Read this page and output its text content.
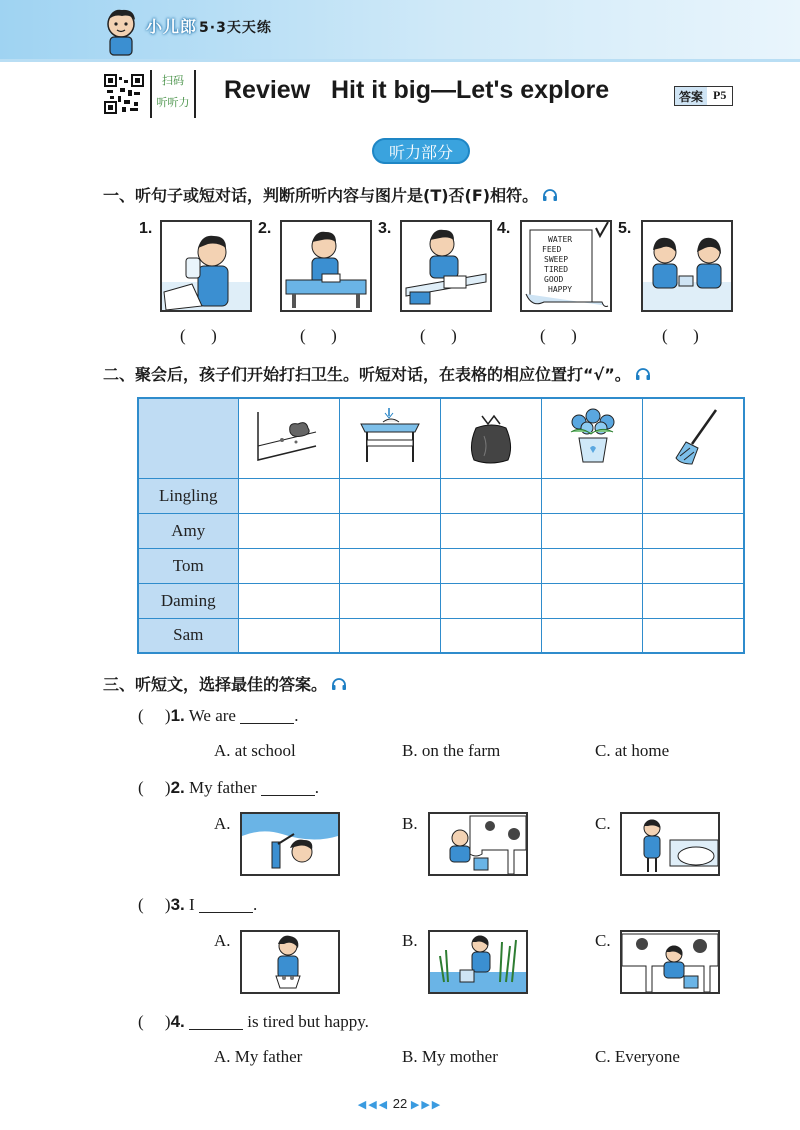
小儿郎 5·3天天练
扫码
听听力 Review   Hit it big—Let's explore	答案 P5
听力部分
一、听句子或短对话，判断所听内容与图片是(T)否(F)相符。
1.	2.	3.	4.
WATER
FEED
SWEEP
TIRED
GOOD
HAPPY
5.
(      )	(      )	(      )	(      )	(      )
二、聚会后，孩子们开始打扫卫生。听短对话，在表格的相应位置打“√”。

Lingling					
Amy					
Tom					
Daming					
Sam					
三、听短文，选择最佳的答案。
(     )1. We are	.
A. at school	B. on the farm	C. at home
(     )2. My father	.
A.	B.	C.
(     )3. I	.
A.	B.	C.
(     )4.	is tired but happy.
A. My father	B. My mother	C. Everyone
◀◀◀ 22 ▶▶▶
